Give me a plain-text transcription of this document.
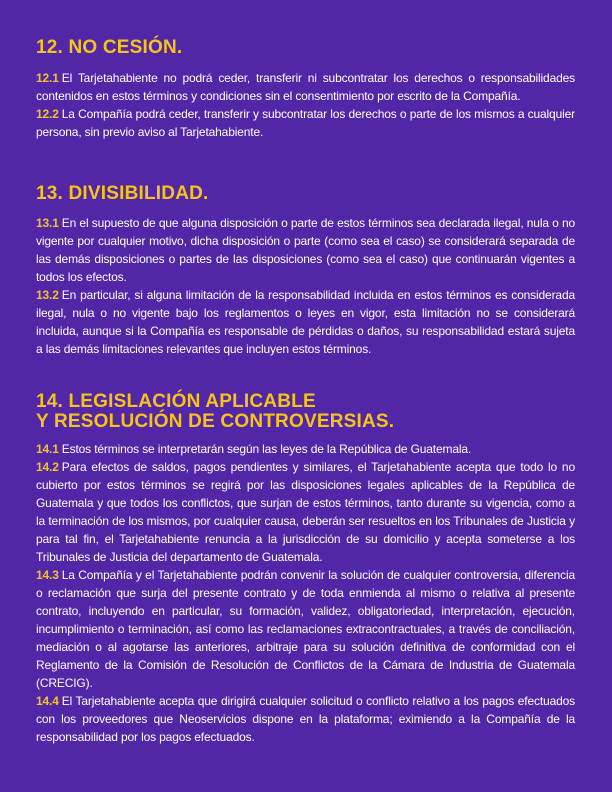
12. NO CESIÓN.

12.1 El Tarjetahabiente no podrá ceder, transferir ni subcontratar los derechos o responsabilidades contenidos en estos términos y condiciones sin el consentimiento por escrito de la Compañía.

12.2 La Compañía podrá ceder, transferir y subcontratar los derechos o parte de los mismos a cualquier persona, sin previo aviso al Tarjetahabiente.

13. DIVISIBILIDAD.

13.1 En el supuesto de que alguna disposición o parte de estos términos sea declarada ilegal, nula o no vigente por cualquier motivo, dicha disposición o parte (como sea el caso) se considerará separada de las demás disposiciones o partes de las disposiciones (como sea el caso) que continuarán vigentes a todos los efectos.

13.2 En particular, si alguna limitación de la responsabilidad incluida en estos términos es considerada ilegal, nula o no vigente bajo los reglamentos o leyes en vigor, esta limitación no se considerará incluida, aunque si la Compañía es responsable de pérdidas o daños, su responsabilidad estará sujeta a las demás limitaciones relevantes que incluyen estos términos.

14. LEGISLACIÓN APLICABLE
Y RESOLUCIÓN DE CONTROVERSIAS.

14.1 Estos términos se interpretarán según las leyes de la República de Guatemala.

14.2 Para efectos de saldos, pagos pendientes y similares, el Tarjetahabiente acepta que todo lo no cubierto por estos términos se regirá por las disposiciones legales aplicables de la República de Guatemala y que todos los conflictos, que surjan de estos términos, tanto durante su vigencia, como a la terminación de los mismos, por cualquier causa, deberán ser resueltos en los Tribunales de Justicia y para tal fin, el Tarjetahabiente renuncia a la jurisdicción de su domicilio y acepta someterse a los Tribunales de Justicia del departamento de Guatemala.

14.3 La Compañía y el Tarjetahabiente podrán convenir la solución de cualquier controversia, diferencia o reclamación que surja del presente contrato y de toda enmienda al mismo o relativa al presente contrato, incluyendo en particular, su formación, validez, obligatoriedad, interpretación, ejecución, incumplimiento o terminación, así como las reclamaciones extracontractuales, a través de conciliación, mediación o al agotarse las anteriores, arbitraje para su solución definitiva de conformidad con el Reglamento de la Comisión de Resolución de Conflictos de la Cámara de Industria de Guatemala (CRECIG).

14.4 El Tarjetahabiente acepta que dirigirá cualquier solicitud o conflicto relativo a los pagos efectuados con los proveedores que Neoservicios dispone en la plataforma; eximiendo a la Compañía de la responsabilidad por los pagos efectuados.
